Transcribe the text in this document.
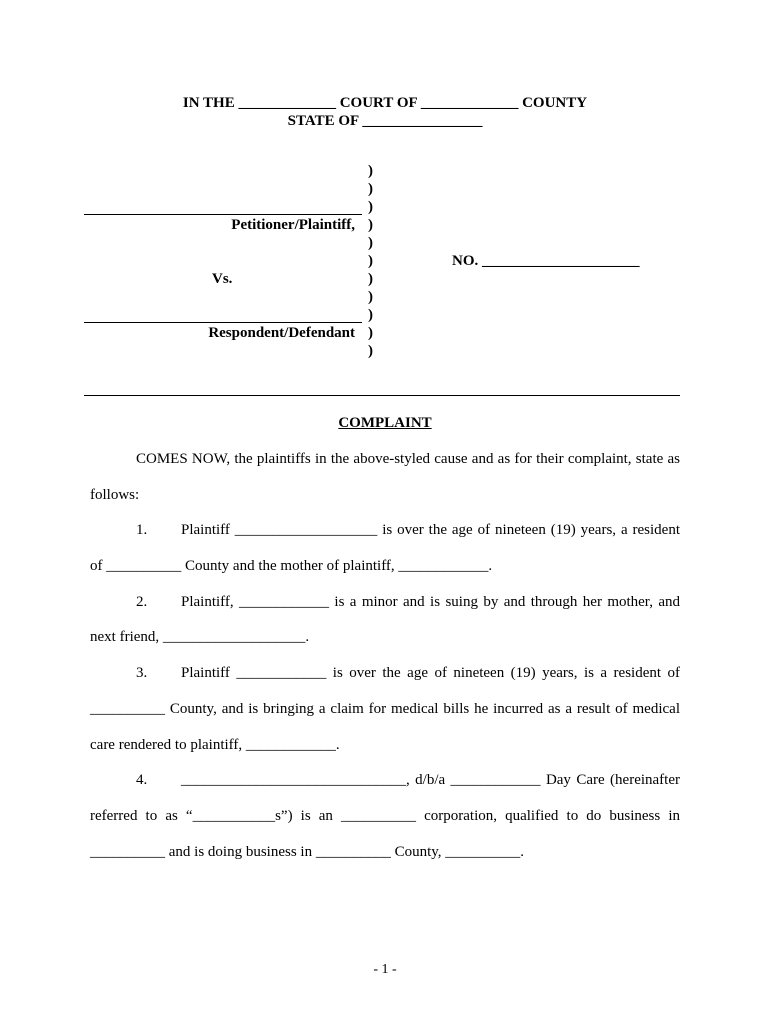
IN THE _____________ COURT OF _____________ COUNTY
STATE OF ________________
)
)
)
)
)
)
)
)
)
)
)
Petitioner/Plaintiff,
Vs.
Respondent/Defendant
NO. _____________________
COMPLAINT
COMES NOW, the plaintiffs in the above-styled cause and as for their complaint, state as
follows:
1. Plaintiff ___________________ is over the age of nineteen (19) years, a resident
of __________ County and the mother of plaintiff, ____________.
2. Plaintiff, ____________ is a minor and is suing by and through her mother, and
next friend, ___________________.
3. Plaintiff ____________ is over the age of nineteen (19) years, is a resident of
__________ County, and is bringing a claim for medical bills he incurred as a result of medical
care rendered to plaintiff, ____________.
4. ______________________________, d/b/a ____________ Day Care (hereinafter
referred to as “___________s”) is an __________ corporation, qualified to do business in
__________ and is doing business in __________ County, __________.
- 1 -
